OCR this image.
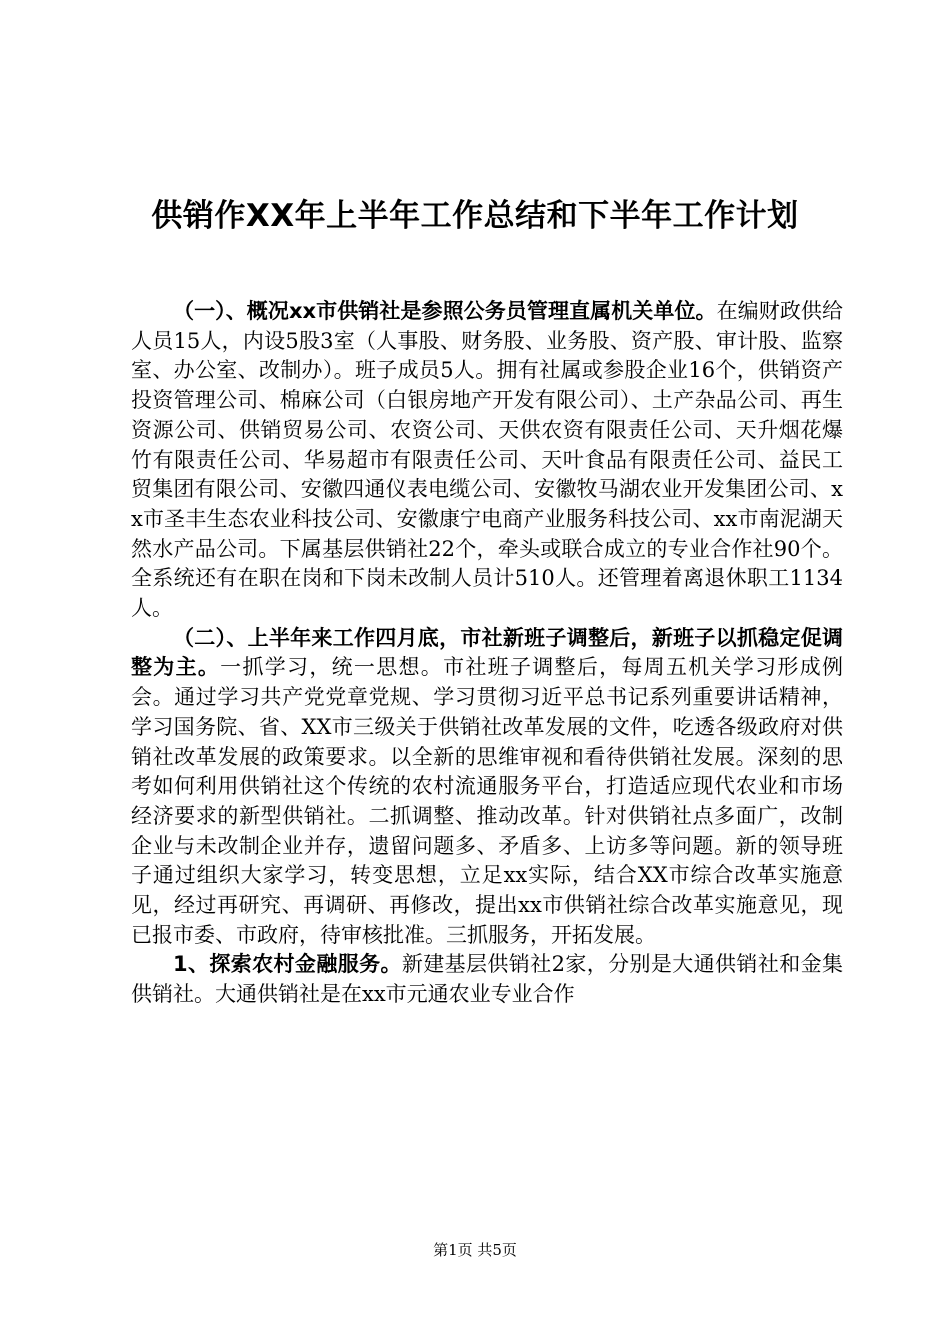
供销作XX年上半年工作总结和下半年工作计划

（一）、概况xx市供销社是参照公务员管理直属机关单位。在编财政供给人员15人，内设5股3室（人事股、财务股、业务股、资产股、审计股、监察室、办公室、改制办）。班子成员5人。拥有社属或参股企业16个，供销资产投资管理公司、棉麻公司（白银房地产开发有限公司）、土产杂品公司、再生资源公司、供销贸易公司、农资公司、天供农资有限责任公司、天升烟花爆竹有限责任公司、华易超市有限责任公司、天叶食品有限责任公司、益民工贸集团有限公司、安徽四通仪表电缆公司、安徽牧马湖农业开发集团公司、xx市圣丰生态农业科技公司、安徽康宁电商产业服务科技公司、xx市南泥湖天然水产品公司。下属基层供销社22个，牵头或联合成立的专业合作社90个。全系统还有在职在岗和下岗未改制人员计510人。还管理着离退休职工1134人。

（二）、上半年来工作四月底，市社新班子调整后，新班子以抓稳定促调整为主。一抓学习，统一思想。市社班子调整后，每周五机关学习形成例会。通过学习共产党党章党规、学习贯彻习近平总书记系列重要讲话精神，学习国务院、省、XX市三级关于供销社改革发展的文件，吃透各级政府对供销社改革发展的政策要求。以全新的思维审视和看待供销社发展。深刻的思考如何利用供销社这个传统的农村流通服务平台，打造适应现代农业和市场经济要求的新型供销社。二抓调整、推动改革。针对供销社点多面广，改制企业与未改制企业并存，遗留问题多、矛盾多、上访多等问题。新的领导班子通过组织大家学习，转变思想，立足xx实际，结合XX市综合改革实施意见，经过再研究、再调研、再修改，提出xx市供销社综合改革实施意见，现已报市委、市政府，待审核批准。三抓服务，开拓发展。

1、探索农村金融服务。新建基层供销社2家，分别是大通供销社和金集供销社。大通供销社是在xx市元通农业专业合作

第1页 共5页
